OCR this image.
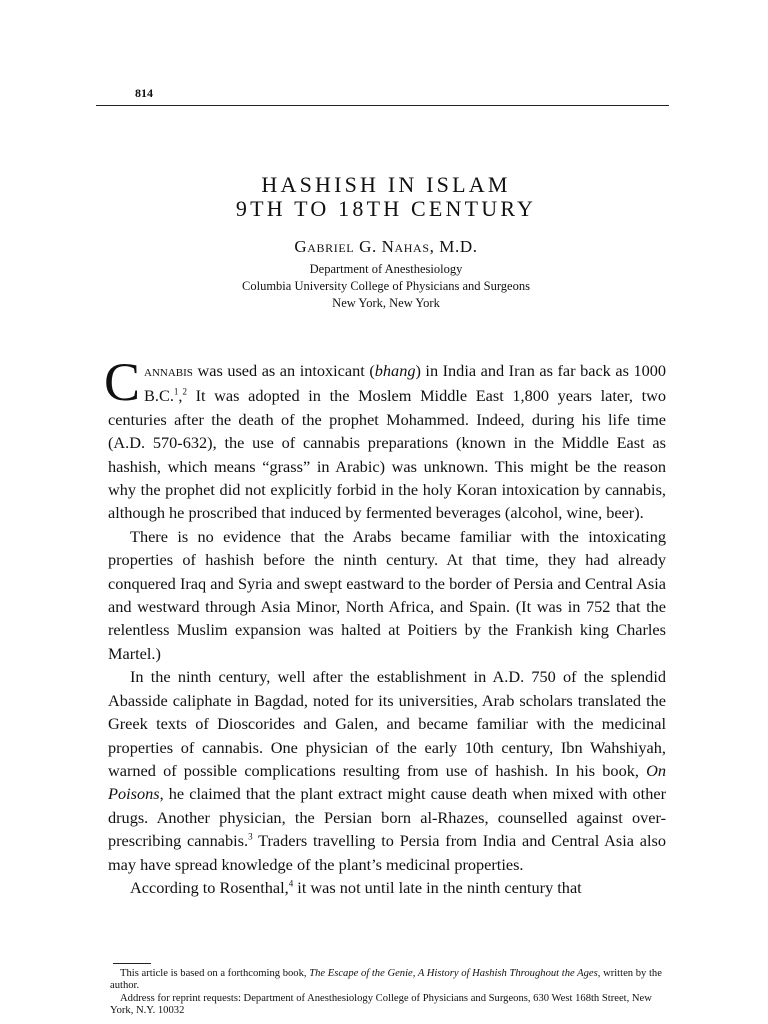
814
HASHISH IN ISLAM
9TH TO 18TH CENTURY
Gabriel G. Nahas, M.D.
Department of Anesthesiology
Columbia University College of Physicians and Surgeons
New York, New York

Cannabis was used as an intoxicant (bhang) in India and Iran as far back as 1000 B.C.$^1$,$^2$ It was adopted in the Moslem Middle East 1,800 years later, two centuries after the death of the prophet Mohammed. Indeed, during his life time (A.D. 570-632), the use of cannabis preparations (known in the Middle East as hashish, which means “grass” in Arabic) was unknown. This might be the reason why the prophet did not explicitly forbid in the holy Koran intoxication by cannabis, although he proscribed that induced by fermented beverages (alcohol, wine, beer).

There is no evidence that the Arabs became familiar with the intoxicating properties of hashish before the ninth century. At that time, they had already conquered Iraq and Syria and swept eastward to the border of Persia and Central Asia and westward through Asia Minor, North Africa, and Spain. (It was in 752 that the relentless Muslim expansion was halted at Poitiers by the Frankish king Charles Martel.)

In the ninth century, well after the establishment in A.D. 750 of the splendid Abasside caliphate in Bagdad, noted for its universities, Arab scholars translated the Greek texts of Dioscorides and Galen, and became familiar with the medicinal properties of cannabis. One physician of the early 10th century, Ibn Wahshiyah, warned of possible complications resulting from use of hashish. In his book, On Poisons, he claimed that the plant extract might cause death when mixed with other drugs. Another physician, the Persian born al-Rhazes, counselled against over-prescribing cannabis.$^3$ Traders travelling to Persia from India and Central Asia also may have spread knowledge of the plant’s medicinal properties.

According to Rosenthal,$^4$ it was not until late in the ninth century that

This article is based on a forthcoming book, The Escape of the Genie, A History of Hashish Throughout the Ages, written by the author.

Address for reprint requests: Department of Anesthesiology College of Physicians and Surgeons, 630 West 168th Street, New York, N.Y. 10032
